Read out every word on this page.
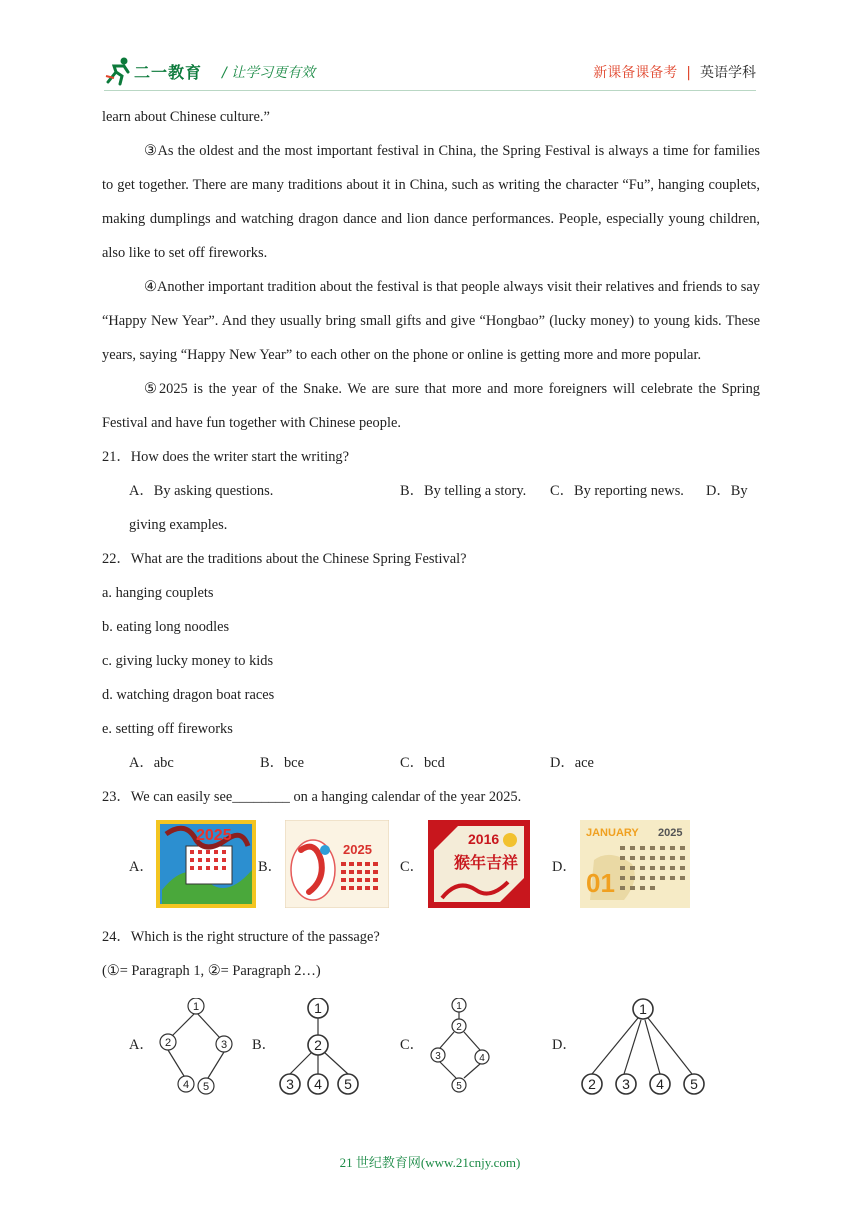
二一教育 / 让学习更有效	新课备课备考 | 英语学科

learn about Chinese culture.”

③As the oldest and the most important festival in China, the Spring Festival is always a time for families to get together. There are many traditions about it in China, such as writing the character “Fu”, hanging couplets, making dumplings and watching dragon dance and lion dance performances. People, especially young children, also like to set off fireworks.

④Another important tradition about the festival is that people always visit their relatives and friends to say “Happy New Year”. And they usually bring small gifts and give “Hongbao” (lucky money) to young kids. These years, saying “Happy New Year” to each other on the phone or online is getting more and more popular.

⑤2025 is the year of the Snake. We are sure that more and more foreigners will celebrate the Spring Festival and have fun together with Chinese people.

21．How does the writer start the writing?

A．By asking questions.	B．By telling a story. C．By reporting news. D．By

giving examples.

22．What are the traditions about the Chinese Spring Festival?

a. hanging couplets

b. eating long noodles

c. giving lucky money to kids

d. watching dragon boat races

e. setting off fireworks

A．abc	B．bce	C．bcd	D．ace

23．We can easily see________ on a hanging calendar of the year 2025.

A．
2025
B．
2025
C．
2016
猴年吉祥 D．
JANUARY 2025
01

24．Which is the right structure of the passage?

(①= Paragraph 1, ②= Paragraph 2…)

A．
1
2	3
4 5
B．
1
2
3 4 5
C．
1
2
3	4
5
D．
1
2 3 4 5
21 世纪教育网(www.21cnjy.com)
